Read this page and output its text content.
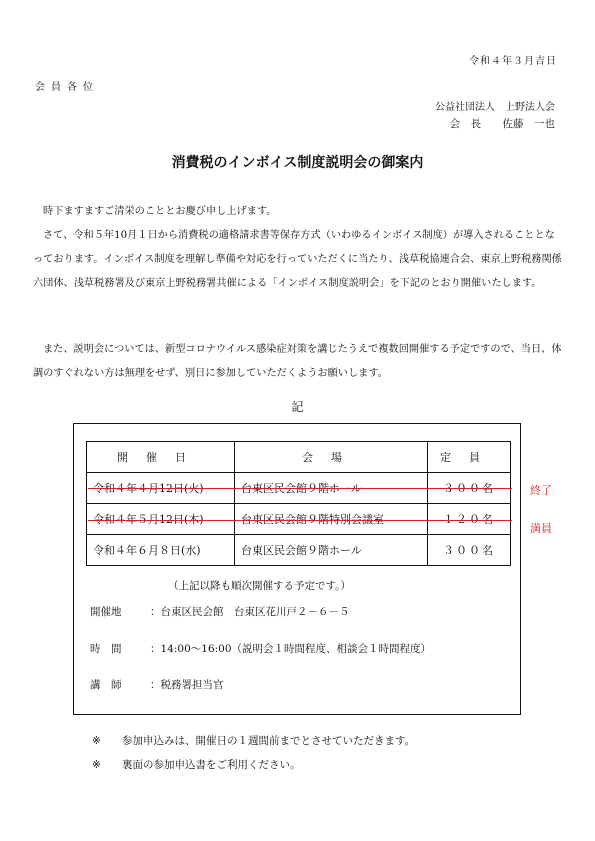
令和４年３月吉日
会員各位
公益社団法人　上野法人会
会　長 佐藤　一也
消費税のインボイス制度説明会の御案内
時下ますますご清栄のこととお慶び申し上げます。
さて、令和５年10月１日から消費税の適格請求書等保存方式（いわゆるインボイス制度）が導入されることとなっております。インボイス制度を理解し準備や対応を行っていただくに当たり、浅草税協連合会、東京上野税務関係六団体、浅草税務署及び東京上野税務署共催による「インボイス制度説明会」を下記のとおり開催いたします。
また、説明会については、新型コロナウイルス感染症対策を講じたうえで複数回開催する予定ですので、当日、体調のすぐれない方は無理をせず、別日に参加していただくようお願いします。
記
開催日	会場	定員
令和４年４月12日(火)	台東区民会館９階ホール	３００名
令和４年５月12日(木)	台東区民会館９階特別会議室	１２０名
令和４年６月８日(水)	台東区民会館９階ホール	３００名
終了
満員
（上記以降も順次開催する予定です。）
開催地	：台東区民会館　台東区花川戸２－６－５
時　間	：14:00～16:00（説明会１時間程度、相談会１時間程度）
講　師	：税務署担当官
※ 参加申込みは、開催日の１週間前までとさせていただきます。
※ 裏面の参加申込書をご利用ください。
